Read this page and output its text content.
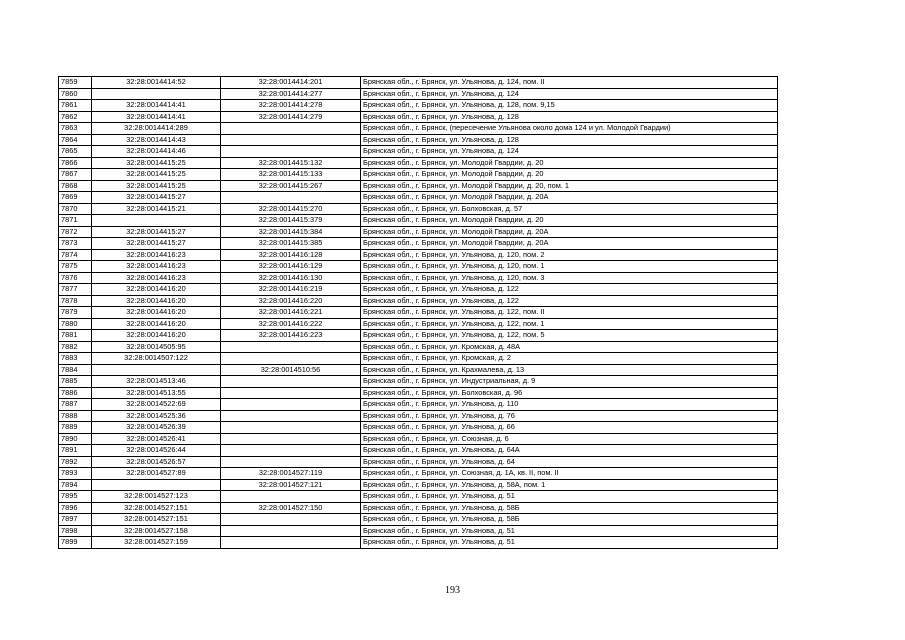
7859	32:28:0014414:52	32:28:0014414:201	Брянская обл., г. Брянск, ул. Ульянова, д. 124, пом. II
7860		32:28:0014414:277	Брянская обл., г. Брянск, ул. Ульянова, д. 124
7861	32:28:0014414:41	32:28:0014414:278	Брянская обл., г. Брянск, ул. Ульянова, д. 128, пом. 9,15
7862	32:28:0014414:41	32:28:0014414:279	Брянская обл., г. Брянск, ул. Ульянова, д. 128
7863	32:28:0014414:289		Брянская обл., г. Брянск, (пересечение Ульянова около дома 124 и ул. Молодой Гвардии)
7864	32:28:0014414:43		Брянская обл., г. Брянск, ул. Ульянова, д. 128
7865	32:28:0014414:46		Брянская обл., г. Брянск, ул. Ульянова, д. 124
7866	32:28:0014415:25	32:28:0014415:132	Брянская обл., г. Брянск, ул. Молодой Гвардии, д. 20
7867	32:28:0014415:25	32:28:0014415:133	Брянская обл., г. Брянск, ул. Молодой Гвардии, д. 20
7868	32:28:0014415:25	32:28:0014415:267	Брянская обл., г. Брянск, ул. Молодой Гвардии, д. 20, пом. 1
7869	32:28:0014415:27		Брянская обл., г. Брянск, ул. Молодой Гвардии, д. 20А
7870	32:28:0014415:21	32:28:0014415:270	Брянская обл., г. Брянск, ул. Болховская, д. 57
7871		32:28:0014415:379	Брянская обл., г. Брянск, ул. Молодой Гвардии, д. 20
7872	32:28:0014415:27	32:28:0014415:384	Брянская обл., г. Брянск, ул. Молодой Гвардии, д. 20А
7873	32:28:0014415:27	32:28:0014415:385	Брянская обл., г. Брянск, ул. Молодой Гвардии, д. 20А
7874	32:28:0014416:23	32:28:0014416:128	Брянская обл., г. Брянск, ул. Ульянова, д. 120, пом. 2
7875	32:28:0014416:23	32:28:0014416:129	Брянская обл., г. Брянск, ул. Ульянова, д. 120, пом. 1
7876	32:28:0014416:23	32:28:0014416:130	Брянская обл., г. Брянск, ул. Ульянова, д. 120, пом. 3
7877	32:28:0014416:20	32:28:0014416:219	Брянская обл., г. Брянск, ул. Ульянова, д. 122
7878	32:28:0014416:20	32:28:0014416:220	Брянская обл., г. Брянск, ул. Ульянова, д. 122
7879	32:28:0014416:20	32:28:0014416:221	Брянская обл., г. Брянск, ул. Ульянова, д. 122, пом. II
7880	32:28:0014416:20	32:28:0014416:222	Брянская обл., г. Брянск, ул. Ульянова, д. 122, пом. 1
7881	32:28:0014416:20	32:28:0014416:223	Брянская обл., г. Брянск, ул. Ульянова, д. 122, пом. 5
7882	32:28:0014505:95		Брянская обл., г. Брянск, ул. Кромская, д. 48А
7883	32:28:0014507:122		Брянская обл., г. Брянск, ул. Кромская, д. 2
7884		32:28:0014510:56	Брянская обл., г. Брянск, ул. Крахмалева, д. 13
7885	32:28:0014513:46		Брянская обл., г. Брянск, ул. Индустриальная, д. 9
7886	32:28:0014513:55		Брянская обл., г. Брянск, ул. Болховская, д. 96
7887	32:28:0014522:69		Брянская обл., г. Брянск, ул. Ульянова, д. 110
7888	32:28:0014525:36		Брянская обл., г. Брянск, ул. Ульянова, д. 76
7889	32:28:0014526:39		Брянская обл., г. Брянск, ул. Ульянова, д. 66
7890	32:28:0014526:41		Брянская обл., г. Брянск, ул. Союзная, д. 6
7891	32:28:0014526:44		Брянская обл., г. Брянск, ул. Ульянова, д. 64А
7892	32:28:0014526:57		Брянская обл., г. Брянск, ул. Ульянова, д. 64
7893	32:28:0014527:89	32:28:0014527:119	Брянская обл., г. Брянск, ул. Союзная, д. 1А, кв. II, пом. II
7894		32:28:0014527:121	Брянская обл., г. Брянск, ул. Ульянова, д. 58А, пом. 1
7895	32:28:0014527:123		Брянская обл., г. Брянск, ул. Ульянова, д. 51
7896	32:28:0014527:151	32:28:0014527:150	Брянская обл., г. Брянск, ул. Ульянова, д. 58Б
7897	32:28:0014527:151		Брянская обл., г. Брянск, ул. Ульянова, д. 58Б
7898	32:28:0014527:158		Брянская обл., г. Брянск, ул. Ульянова, д. 51
7899	32:28:0014527:159		Брянская обл., г. Брянск, ул. Ульянова, д. 51
193
